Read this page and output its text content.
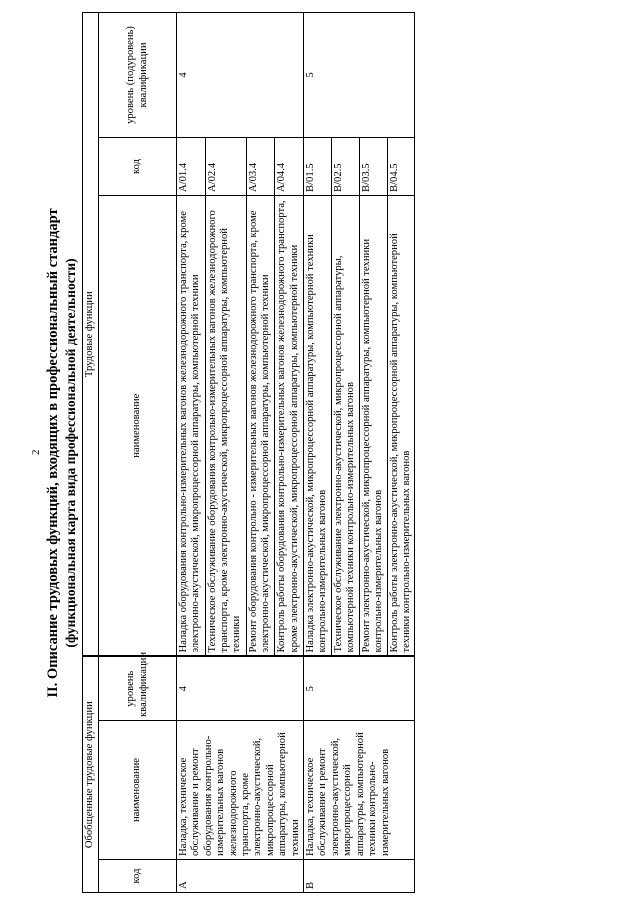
2 II. Описание трудовых функций, входящих в профессиональный стандарт (функциональная карта вида профессиональной деятельности)
Обобщенные трудовые функции			Трудовые функции		
код	наименование	уровень квалификации	наименование	код	уровень (подуровень) квалификации
А	Наладка, техническое обслуживание и ремонт оборудования контрольно-измерительных вагонов железнодорожного транспорта, кроме электронно-акустической, микропроцессорной аппаратуры, компьютерной техники	4	Наладка оборудования контрольно-измерительных вагонов железнодорожного транспорта, кроме электронно-акустической, микропроцессорной аппаратуры, компьютерной техники	А/01.4	4
			Техническое обслуживание оборудования контрольно-измерительных вагонов железнодорожного транспорта, кроме электронно-акустической, микропроцессорной аппаратуры, компьютерной техники	А/02.4	
			Ремонт оборудования контрольно - измерительных вагонов железнодорожного транспорта, кроме электронно-акустической, микропроцессорной аппаратуры, компьютерной техники	А/03.4	
			Контроль работы оборудования контрольно-измерительных вагонов железнодорожного транспорта, кроме электронно-акустической, микропроцессорной аппаратуры, компьютерной техники	А/04.4	
В	Наладка, техническое обслуживание и ремонт электронно-акустической, микропроцессорной аппаратуры, компьютерной техники контрольно-измерительных вагонов	5	Наладка электронно-акустической, микропроцессорной аппаратуры, компьютерной техники контрольно-измерительных вагонов	В/01.5	5
			Техническое обслуживание электронно-акустической, микропроцессорной аппаратуры, компьютерной техники контрольно-измерительных вагонов	В/02.5	
			Ремонт электронно-акустической, микропроцессорной аппаратуры, компьютерной техники контрольно-измерительных вагонов	В/03.5	
			Контроль работы электронно-акустической, микропроцессорной аппаратуры, компьютерной техники контрольно-измерительных вагонов	В/04.5	
